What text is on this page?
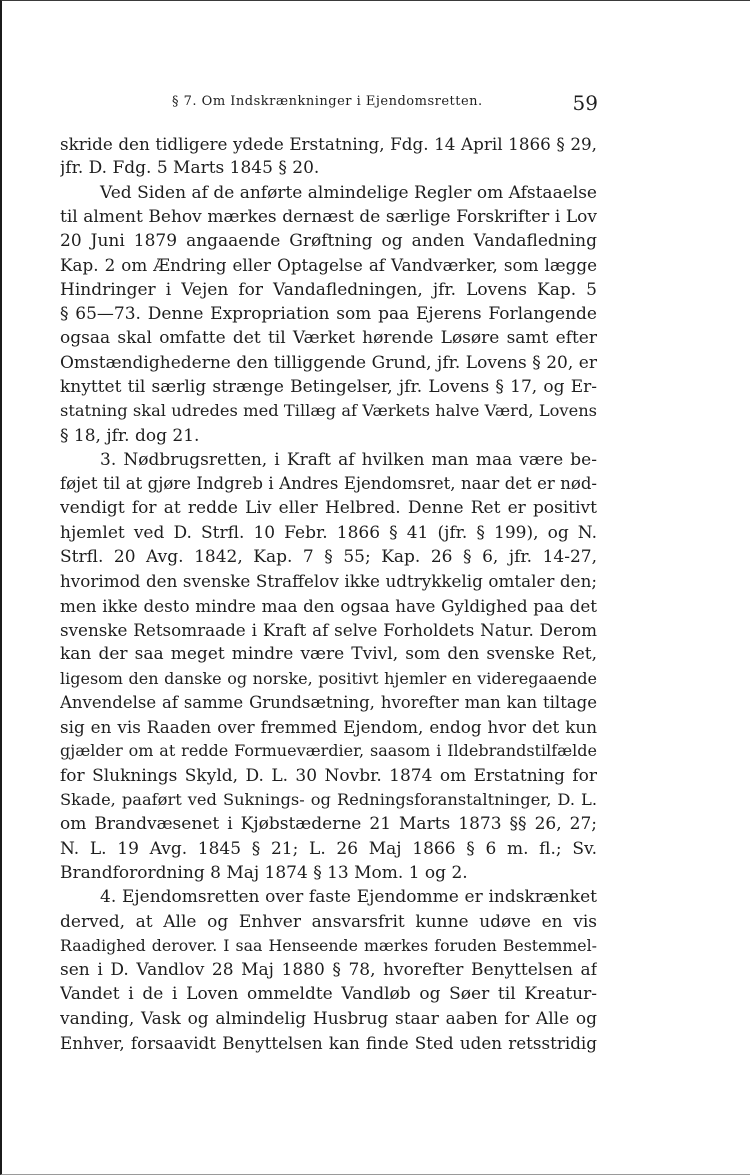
§ 7. Om Indskrænkninger i Ejendomsretten.	59
skride den tidligere ydede Erstatning, Fdg. 14 April 1866 § 29,
jfr. D. Fdg. 5 Marts 1845 § 20.
Ved Siden af de anførte almindelige Regler om Afstaaelse
til alment Behov mærkes dernæst de særlige Forskrifter i Lov
20 Juni 1879 angaaende Grøftning og anden Vandafledning
Kap. 2 om Ændring eller Optagelse af Vandværker, som lægge
Hindringer i Vejen for Vandafledningen, jfr. Lovens Kap. 5
§ 65—73. Denne Expropriation som paa Ejerens Forlangende
ogsaa skal omfatte det til Værket hørende Løsøre samt efter
Omstændighederne den tilliggende Grund, jfr. Lovens § 20, er
knyttet til særlig strænge Betingelser, jfr. Lovens § 17, og Er-
statning skal udredes med Tillæg af Værkets halve Værd, Lovens
§ 18, jfr. dog 21.
3. Nødbrugsretten, i Kraft af hvilken man maa være be-
føjet til at gjøre Indgreb i Andres Ejendomsret, naar det er nød-
vendigt for at redde Liv eller Helbred. Denne Ret er positivt
hjemlet ved D. Strfl. 10 Febr. 1866 § 41 (jfr. § 199), og N.
Strfl. 20 Avg. 1842, Kap. 7 § 55; Kap. 26 § 6, jfr. 14-27,
hvorimod den svenske Straffelov ikke udtrykkelig omtaler den;
men ikke desto mindre maa den ogsaa have Gyldighed paa det
svenske Retsomraade i Kraft af selve Forholdets Natur. Derom
kan der saa meget mindre være Tvivl, som den svenske Ret,
ligesom den danske og norske, positivt hjemler en videregaaende
Anvendelse af samme Grundsætning, hvorefter man kan tiltage
sig en vis Raaden over fremmed Ejendom, endog hvor det kun
gjælder om at redde Formueværdier, saasom i Ildebrandstilfælde
for Sluknings Skyld, D. L. 30 Novbr. 1874 om Erstatning for
Skade, paaført ved Suknings- og Redningsforanstaltninger, D. L.
om Brandvæsenet i Kjøbstæderne 21 Marts 1873 §§ 26, 27;
N. L. 19 Avg. 1845 § 21; L. 26 Maj 1866 § 6 m. fl.; Sv.
Brandforordning 8 Maj 1874 § 13 Mom. 1 og 2.
4. Ejendomsretten over faste Ejendomme er indskrænket
derved, at Alle og Enhver ansvarsfrit kunne udøve en vis
Raadighed derover. I saa Henseende mærkes foruden Bestemmel-
sen i D. Vandlov 28 Maj 1880 § 78, hvorefter Benyttelsen af
Vandet i de i Loven ommeldte Vandløb og Søer til Kreatur-
vanding, Vask og almindelig Husbrug staar aaben for Alle og
Enhver, forsaavidt Benyttelsen kan finde Sted uden retsstridig
